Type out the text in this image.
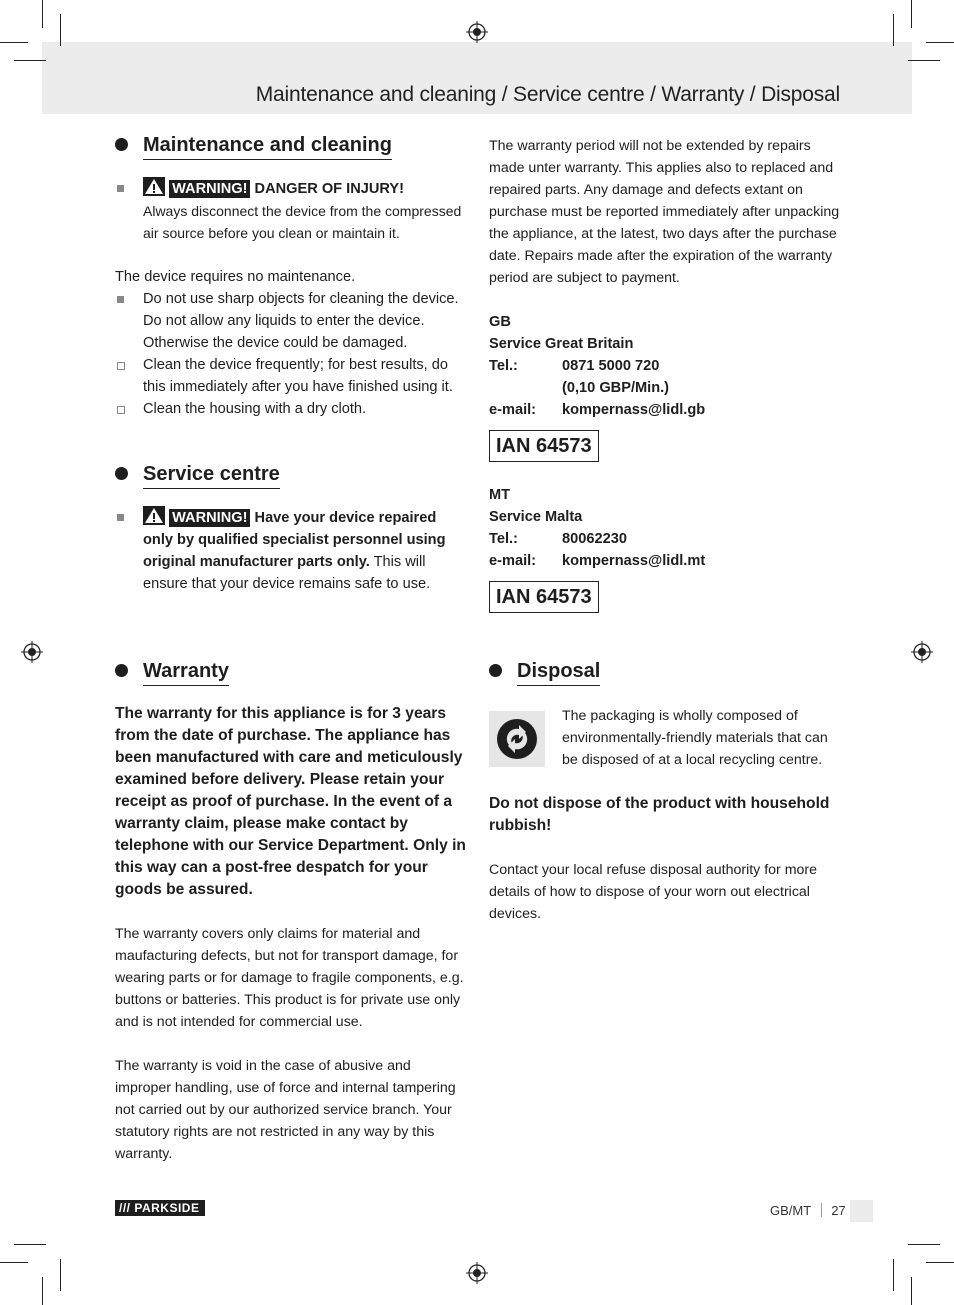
Maintenance and cleaning / Service centre / Warranty / Disposal
Maintenance and cleaning
WARNING! DANGER OF INJURY!

Always disconnect the device from the compressed air source before you clean or maintain it.

The device requires no maintenance.

Do not use sharp objects for cleaning the device. Do not allow any liquids to enter the device. Otherwise the device could be damaged.

Clean the device frequently; for best results, do this immediately after you have finished using it.

Clean the housing with a dry cloth.

Service centre
WARNING! Have your device repaired only by qualified specialist personnel using original manufacturer parts only. This will ensure that your device remains safe to use.
Warranty

The warranty for this appliance is for 3 years from the date of purchase. The appliance has been manufactured with care and meticulously examined before delivery. Please retain your receipt as proof of purchase. In the event of a warranty claim, please make contact by telephone with our Service Department. Only in this way can a post-free despatch for your goods be assured.

The warranty covers only claims for material and maufacturing defects, but not for transport damage, for wearing parts or for damage to fragile components, e.g. buttons or batteries. This product is for private use only and is not intended for commercial use.

The warranty is void in the case of abusive and improper handling, use of force and internal tampering not carried out by our authorized service branch. Your statutory rights are not restricted in any way by this warranty.

The warranty period will not be extended by repairs made unter warranty. This applies also to replaced and repaired parts. Any damage and defects extant on purchase must be reported immediately after unpacking the appliance, at the latest, two days after the purchase date. Repairs made after the expiration of the warranty period are subject to payment.

GB

Service Great Britain

Tel.:	0871 5000 720
(0,10 GBP/Min.)
e-mail:	kompernass@lidl.gb
IAN 64573

MT

Service Malta

Tel.:	80062230
e-mail:	kompernass@lidl.mt
IAN 64573
Disposal

The packaging is wholly composed of environmentally-friendly materials that can be disposed of at a local recycling centre.

Do not dispose of the product with household rubbish!

Contact your local refuse disposal authority for more details of how to dispose of your worn out electrical devices.

/// PARKSIDE	GB/MT 27
